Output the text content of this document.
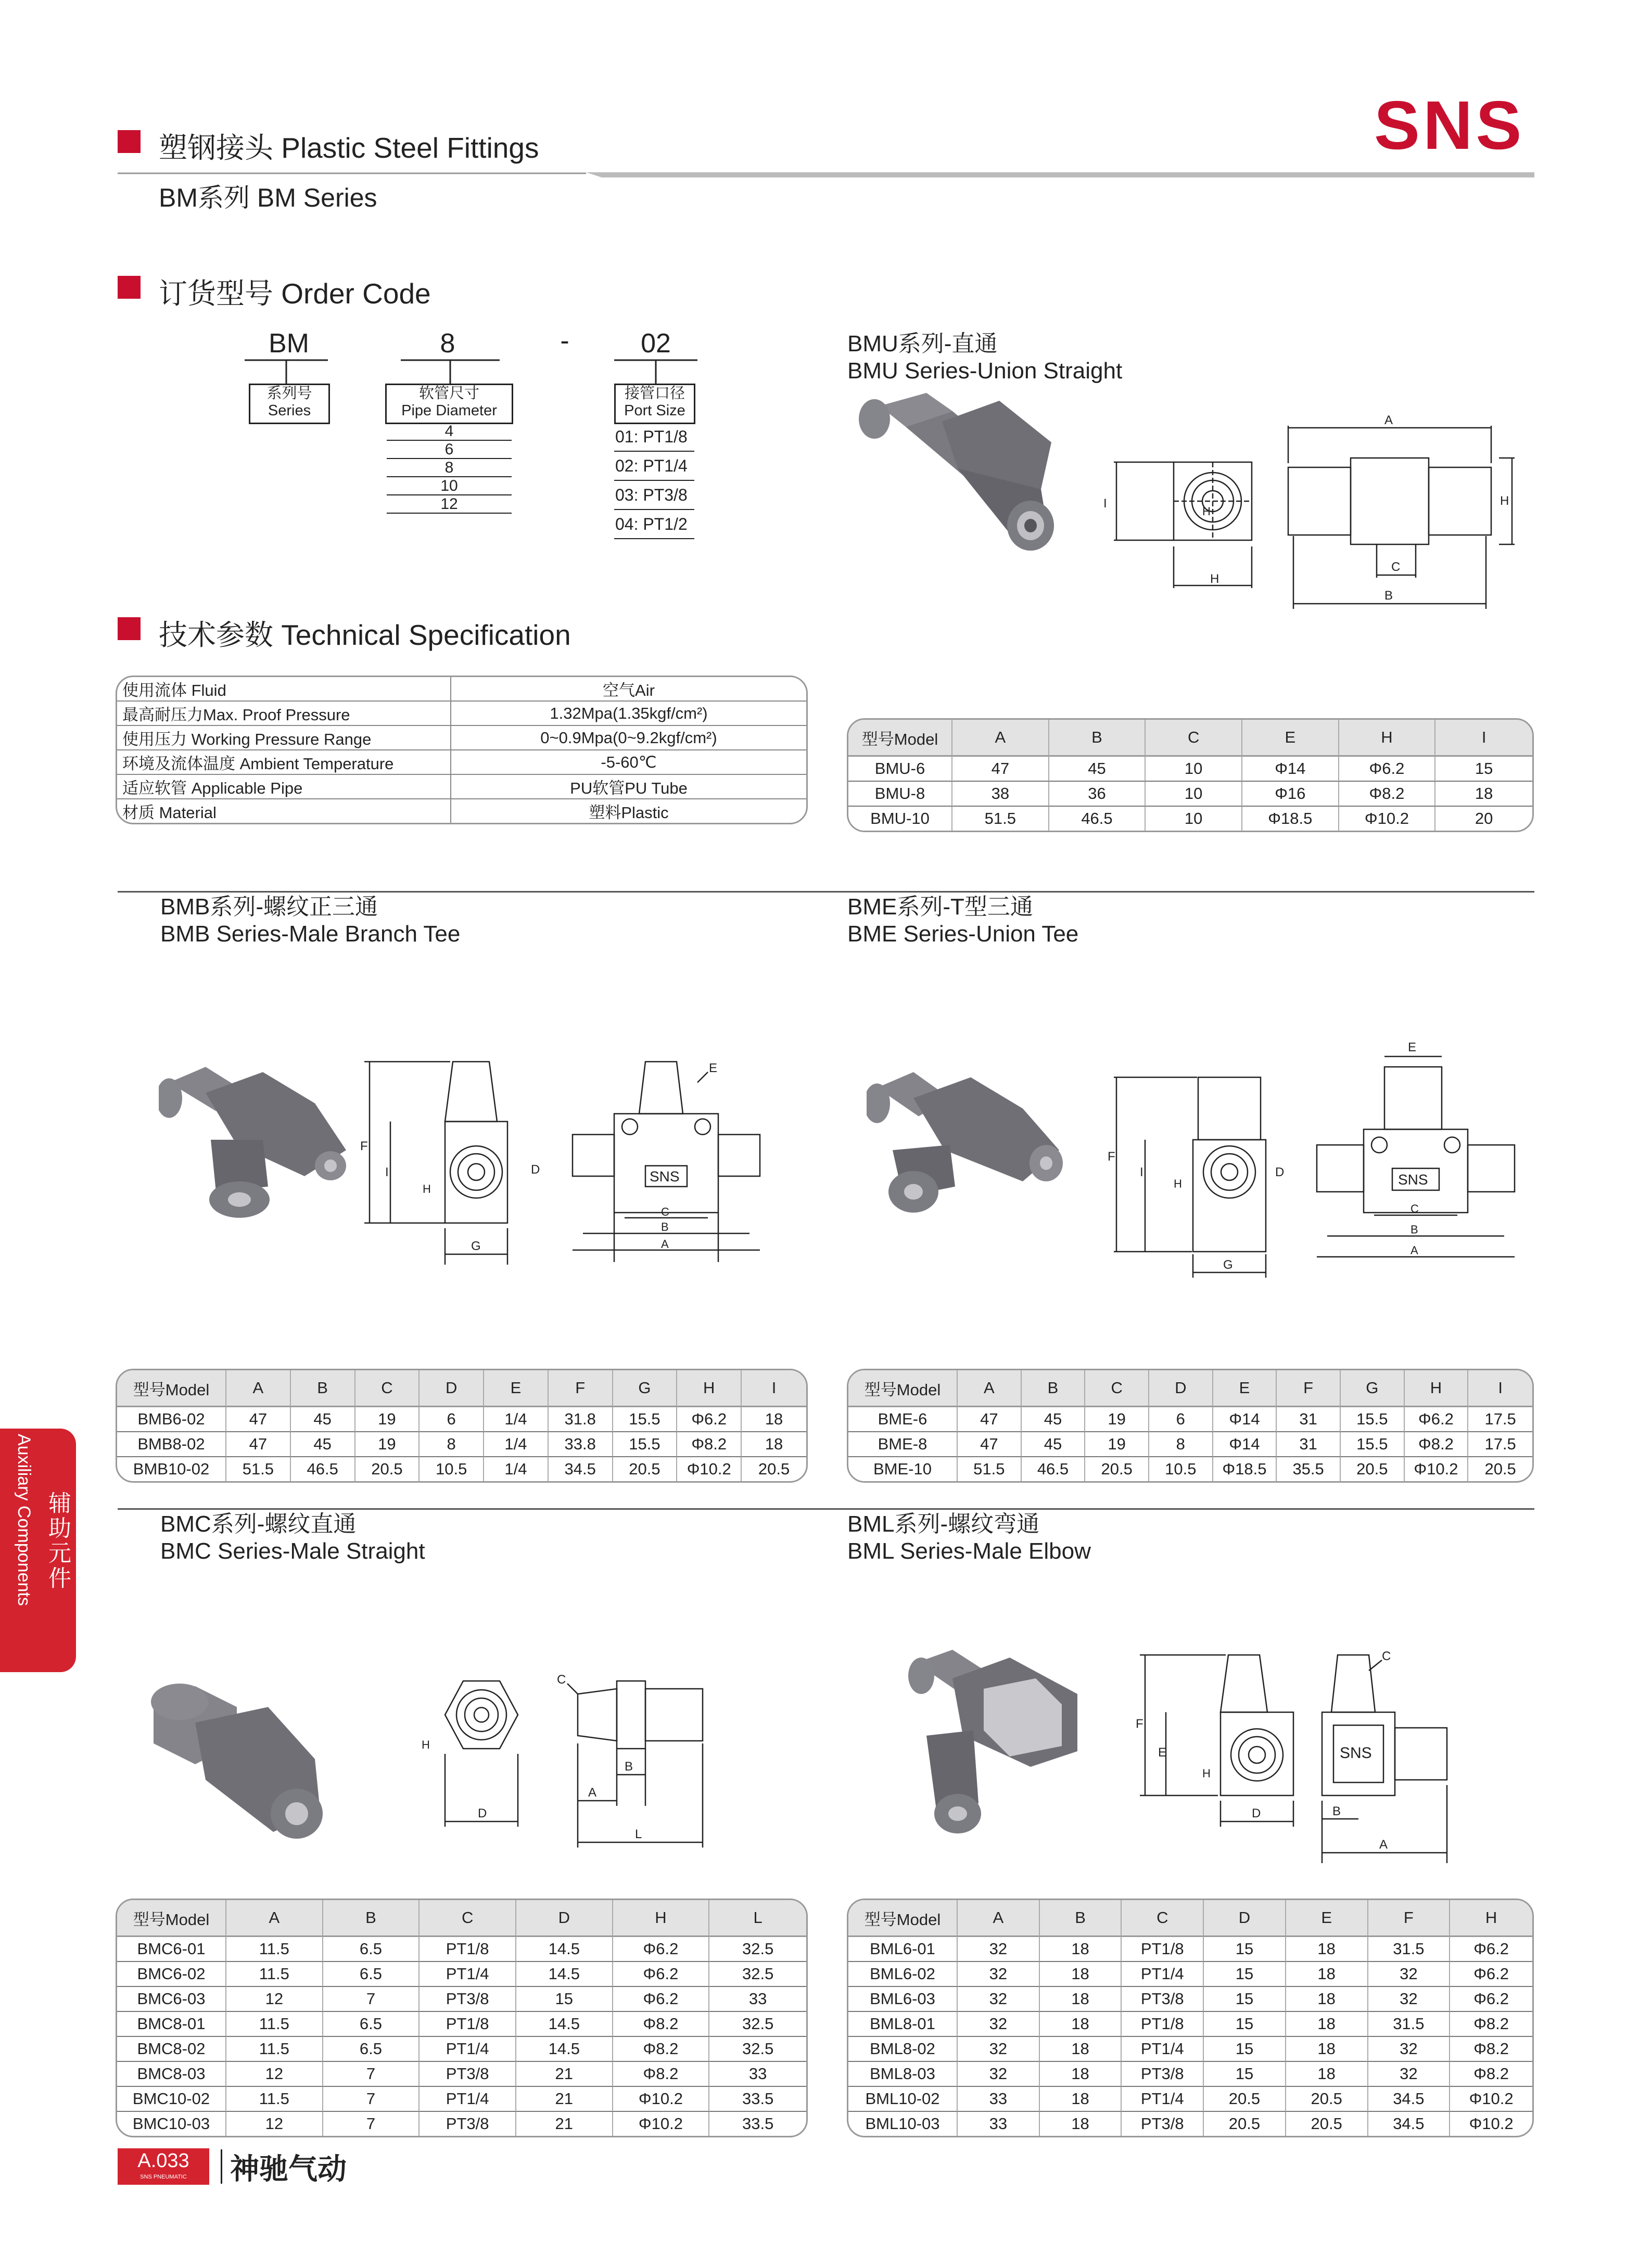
塑钢接头 Plastic Steel Fittings
BM系列 BM Series
SNS
订货型号 Order Code
BM	8	-	02
系列号
Series
软管尺寸
Pipe Diameter
4
6
8
10
12
接管口径
Port Size
01: PT1/8
02: PT1/4
03: PT3/8
04: PT1/2
技术参数 Technical Specification
使用流体 Fluid	空气Air
最高耐压力Max. Proof Pressure	1.32Mpa(1.35kgf/cm²)
使用压力 Working Pressure Range	0~0.9Mpa(0~9.2kgf/cm²)
环境及流体温度 Ambient Temperature	-5-60℃
适应软管 Applicable Pipe	PU软管PU Tube
材质 Material	塑料Plastic
BMU系列-直通
BMU Series-Union Straight
I
H
H
A
H
C
B
型号Model	A	B	C	E	H	I
BMU-6	47	45	10	Φ14	Φ6.2	15
BMU-8	38	36	10	Φ16	Φ8.2	18
BMU-10	51.5	46.5	10	Φ18.5	Φ10.2	20
BMB系列-螺纹正三通
BMB Series-Male Branch Tee
F
I
H
G
SNS
E
D
C
B
A
型号Model	A	B	C	D	E	F	G	H	I
BMB6-02	47	45	19	6	1/4	31.8	15.5	Φ6.2	18
BMB8-02	47	45	19	8	1/4	33.8	15.5	Φ8.2	18
BMB10-02	51.5	46.5	20.5	10.5	1/4	34.5	20.5	Φ10.2	20.5
BME系列-T型三通
BME Series-Union Tee
F
I
H
G
E
SNS
D
C
B
A
型号Model	A	B	C	D	E	F	G	H	I
BME-6	47	45	19	6	Φ14	31	15.5	Φ6.2	17.5
BME-8	47	45	19	8	Φ14	31	15.5	Φ8.2	17.5
BME-10	51.5	46.5	20.5	10.5	Φ18.5	35.5	20.5	Φ10.2	20.5
BMC系列-螺纹直通
BMC Series-Male Straight
H
D
C
B
A
L
型号Model	A	B	C	D	H	L
BMC6-01	11.5	6.5	PT1/8	14.5	Φ6.2	32.5
BMC6-02	11.5	6.5	PT1/4	14.5	Φ6.2	32.5
BMC6-03	12	7	PT3/8	15	Φ6.2	33
BMC8-01	11.5	6.5	PT1/8	14.5	Φ8.2	32.5
BMC8-02	11.5	6.5	PT1/4	14.5	Φ8.2	32.5
BMC8-03	12	7	PT3/8	21	Φ8.2	33
BMC10-02	11.5	7	PT1/4	21	Φ10.2	33.5
BMC10-03	12	7	PT3/8	21	Φ10.2	33.5
BML系列-螺纹弯通
BML Series-Male Elbow
F
E
H
D
SNS
C
B
A
型号Model	A	B	C	D	E	F	H
BML6-01	32	18	PT1/8	15	18	31.5	Φ6.2
BML6-02	32	18	PT1/4	15	18	32	Φ6.2
BML6-03	32	18	PT3/8	15	18	32	Φ6.2
BML8-01	32	18	PT1/8	15	18	31.5	Φ8.2
BML8-02	32	18	PT1/4	15	18	32	Φ8.2
BML8-03	32	18	PT3/8	15	18	32	Φ8.2
BML10-02	33	18	PT1/4	20.5	20.5	34.5	Φ10.2
BML10-03	33	18	PT3/8	20.5	20.5	34.5	Φ10.2
Auxiliary Components 辅助元件
A.033
SNS PNEUMATIC	神驰气动
